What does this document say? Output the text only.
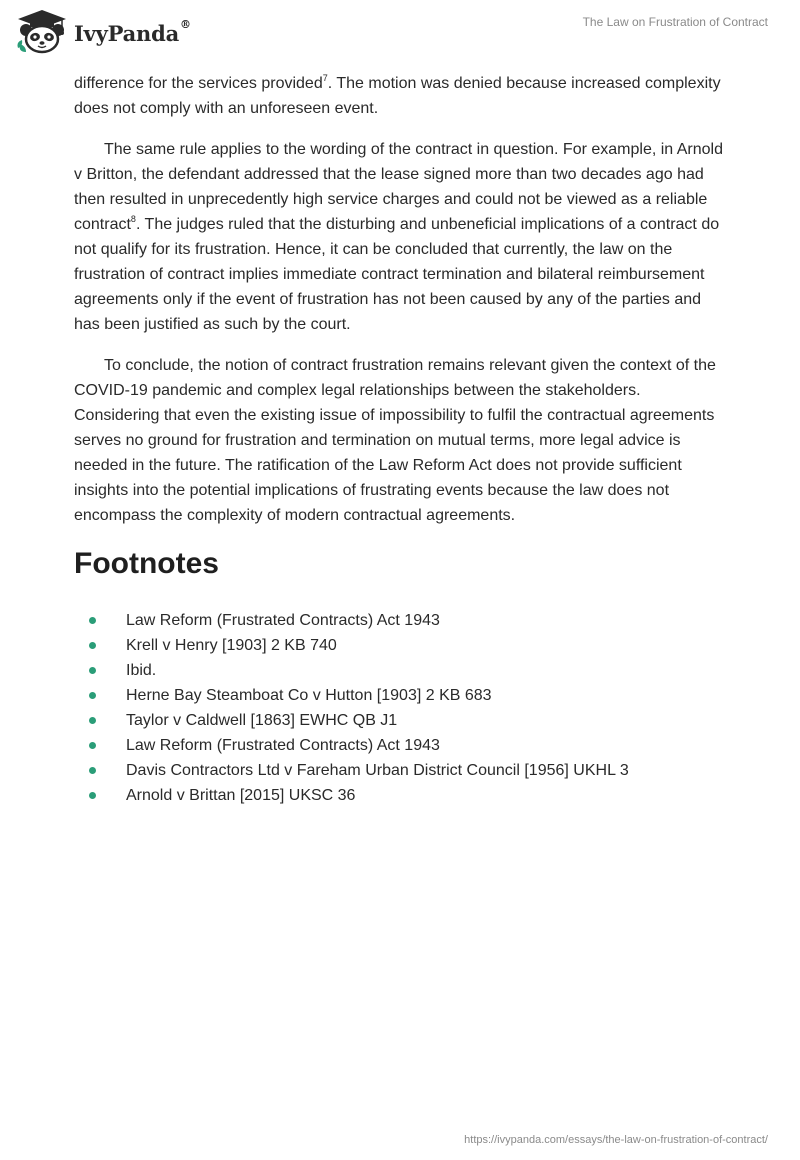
IvyPanda®	The Law on Frustration of Contract

difference for the services provided$^7$. The motion was denied because increased complexity does not comply with an unforeseen event.

The same rule applies to the wording of the contract in question. For example, in Arnold v Britton, the defendant addressed that the lease signed more than two decades ago had then resulted in unprecedently high service charges and could not be viewed as a reliable contract$^8$. The judges ruled that the disturbing and unbeneficial implications of a contract do not qualify for its frustration. Hence, it can be concluded that currently, the law on the frustration of contract implies immediate contract termination and bilateral reimbursement agreements only if the event of frustration has not been caused by any of the parties and has been justified as such by the court.

To conclude, the notion of contract frustration remains relevant given the context of the COVID-19 pandemic and complex legal relationships between the stakeholders. Considering that even the existing issue of impossibility to fulfil the contractual agreements serves no ground for frustration and termination on mutual terms, more legal advice is needed in the future. The ratification of the Law Reform Act does not provide sufficient insights into the potential implications of frustrating events because the law does not encompass the complexity of modern contractual agreements.

Footnotes
Law Reform (Frustrated Contracts) Act 1943
Krell v Henry [1903] 2 KB 740
Ibid.
Herne Bay Steamboat Co v Hutton [1903] 2 KB 683
Taylor v Caldwell [1863] EWHC QB J1
Law Reform (Frustrated Contracts) Act 1943
Davis Contractors Ltd v Fareham Urban District Council [1956] UKHL 3
Arnold v Brittan [2015] UKSC 36
https://ivypanda.com/essays/the-law-on-frustration-of-contract/
